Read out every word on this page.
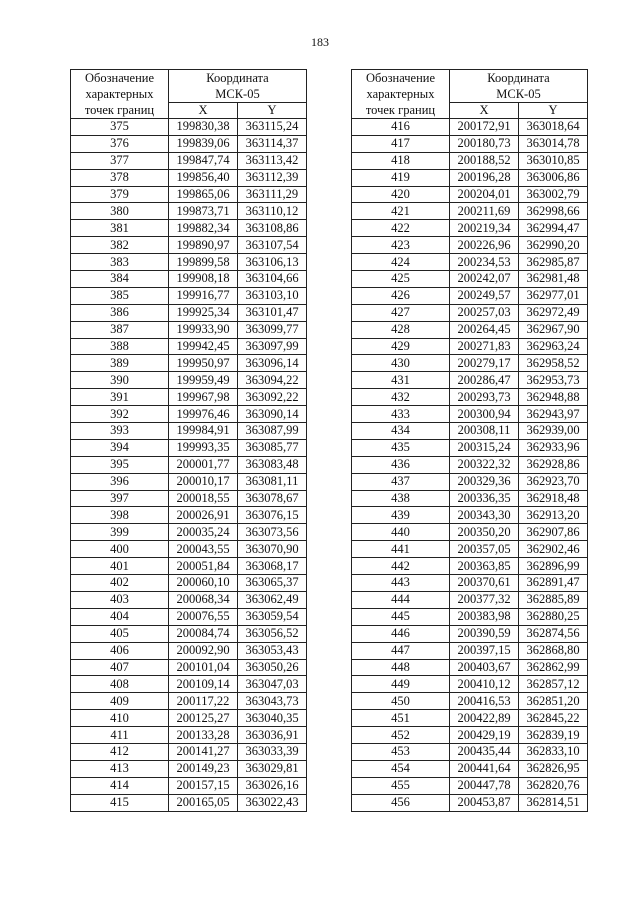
183
Обозначение
характерных
точек границ	Координата
МСК-05	
	X	Y
375	199830,38	363115,24
376	199839,06	363114,37
377	199847,74	363113,42
378	199856,40	363112,39
379	199865,06	363111,29
380	199873,71	363110,12
381	199882,34	363108,86
382	199890,97	363107,54
383	199899,58	363106,13
384	199908,18	363104,66
385	199916,77	363103,10
386	199925,34	363101,47
387	199933,90	363099,77
388	199942,45	363097,99
389	199950,97	363096,14
390	199959,49	363094,22
391	199967,98	363092,22
392	199976,46	363090,14
393	199984,91	363087,99
394	199993,35	363085,77
395	200001,77	363083,48
396	200010,17	363081,11
397	200018,55	363078,67
398	200026,91	363076,15
399	200035,24	363073,56
400	200043,55	363070,90
401	200051,84	363068,17
402	200060,10	363065,37
403	200068,34	363062,49
404	200076,55	363059,54
405	200084,74	363056,52
406	200092,90	363053,43
407	200101,04	363050,26
408	200109,14	363047,03
409	200117,22	363043,73
410	200125,27	363040,35
411	200133,28	363036,91
412	200141,27	363033,39
413	200149,23	363029,81
414	200157,15	363026,16
415	200165,05	363022,43
Обозначение
характерных
точек границ	Координата
МСК-05	
	X	Y
416	200172,91	363018,64
417	200180,73	363014,78
418	200188,52	363010,85
419	200196,28	363006,86
420	200204,01	363002,79
421	200211,69	362998,66
422	200219,34	362994,47
423	200226,96	362990,20
424	200234,53	362985,87
425	200242,07	362981,48
426	200249,57	362977,01
427	200257,03	362972,49
428	200264,45	362967,90
429	200271,83	362963,24
430	200279,17	362958,52
431	200286,47	362953,73
432	200293,73	362948,88
433	200300,94	362943,97
434	200308,11	362939,00
435	200315,24	362933,96
436	200322,32	362928,86
437	200329,36	362923,70
438	200336,35	362918,48
439	200343,30	362913,20
440	200350,20	362907,86
441	200357,05	362902,46
442	200363,85	362896,99
443	200370,61	362891,47
444	200377,32	362885,89
445	200383,98	362880,25
446	200390,59	362874,56
447	200397,15	362868,80
448	200403,67	362862,99
449	200410,12	362857,12
450	200416,53	362851,20
451	200422,89	362845,22
452	200429,19	362839,19
453	200435,44	362833,10
454	200441,64	362826,95
455	200447,78	362820,76
456	200453,87	362814,51
